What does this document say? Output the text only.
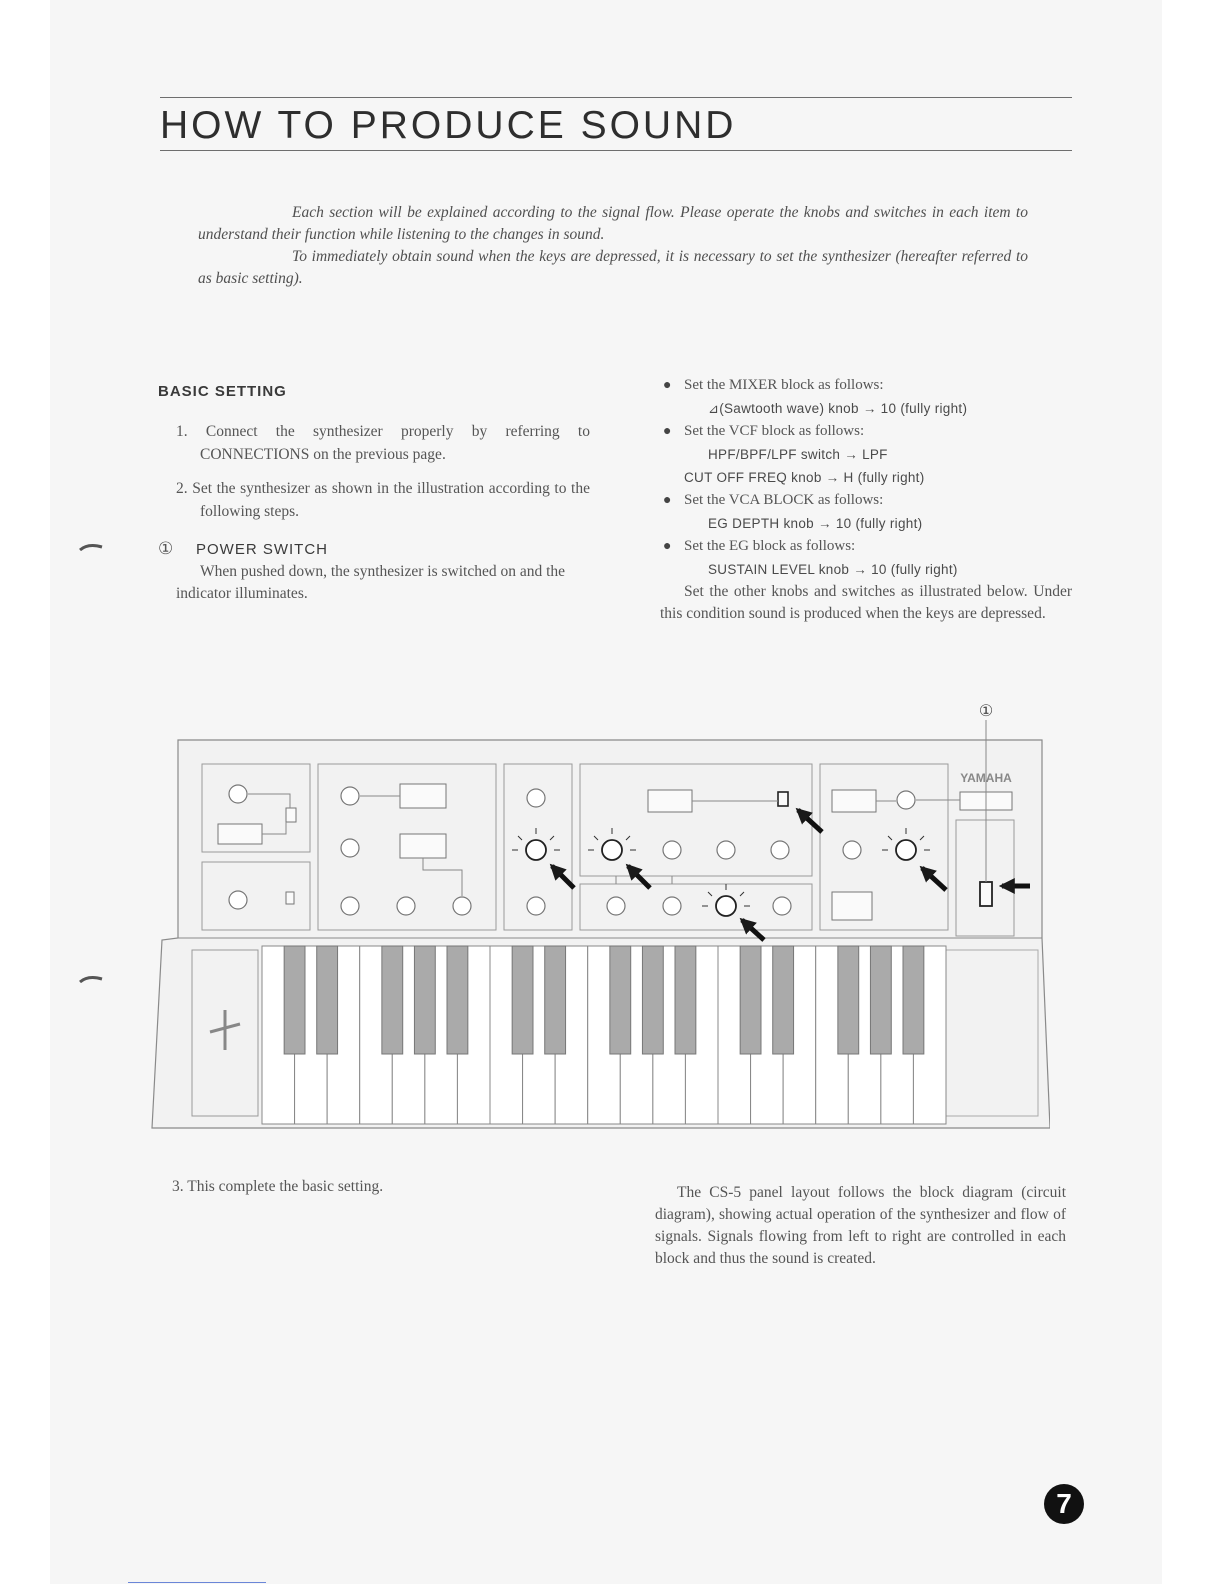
HOW TO PRODUCE SOUND
Each section will be explained according to the signal flow. Please operate the knobs and switches in each item to understand their function while listening to the changes in sound.
To immediately obtain sound when the keys are depressed, it is necessary to set the synthesizer (hereafter referred to as basic setting).
BASIC SETTING

1. Connect the synthesizer properly by referring to CONNECTIONS on the previous page.

2. Set the synthesizer as shown in the illustration according to the following steps.

①	POWER SWITCH

When pushed down, the synthesizer is switched on and the indicator illuminates.

● Set the MIXER block as follows:
⊿(Sawtooth wave) knob → 10 (fully right)
● Set the VCF block as follows:
HPF/BPF/LPF switch → LPF
CUT OFF FREQ knob → H (fully right)
● Set the VCA BLOCK as follows:
EG DEPTH knob → 10 (fully right)
● Set the EG block as follows:
SUSTAIN LEVEL knob → 10 (fully right)

Set the other knobs and switches as illustrated below. Under this condition sound is produced when the keys are depressed.

①
YAMAHA

3. This complete the basic setting.	The CS-5 panel layout follows the block diagram (circuit diagram), showing actual operation of the synthesizer and flow of signals. Signals flowing from left to right are controlled in each block and thus the sound is created.

7
